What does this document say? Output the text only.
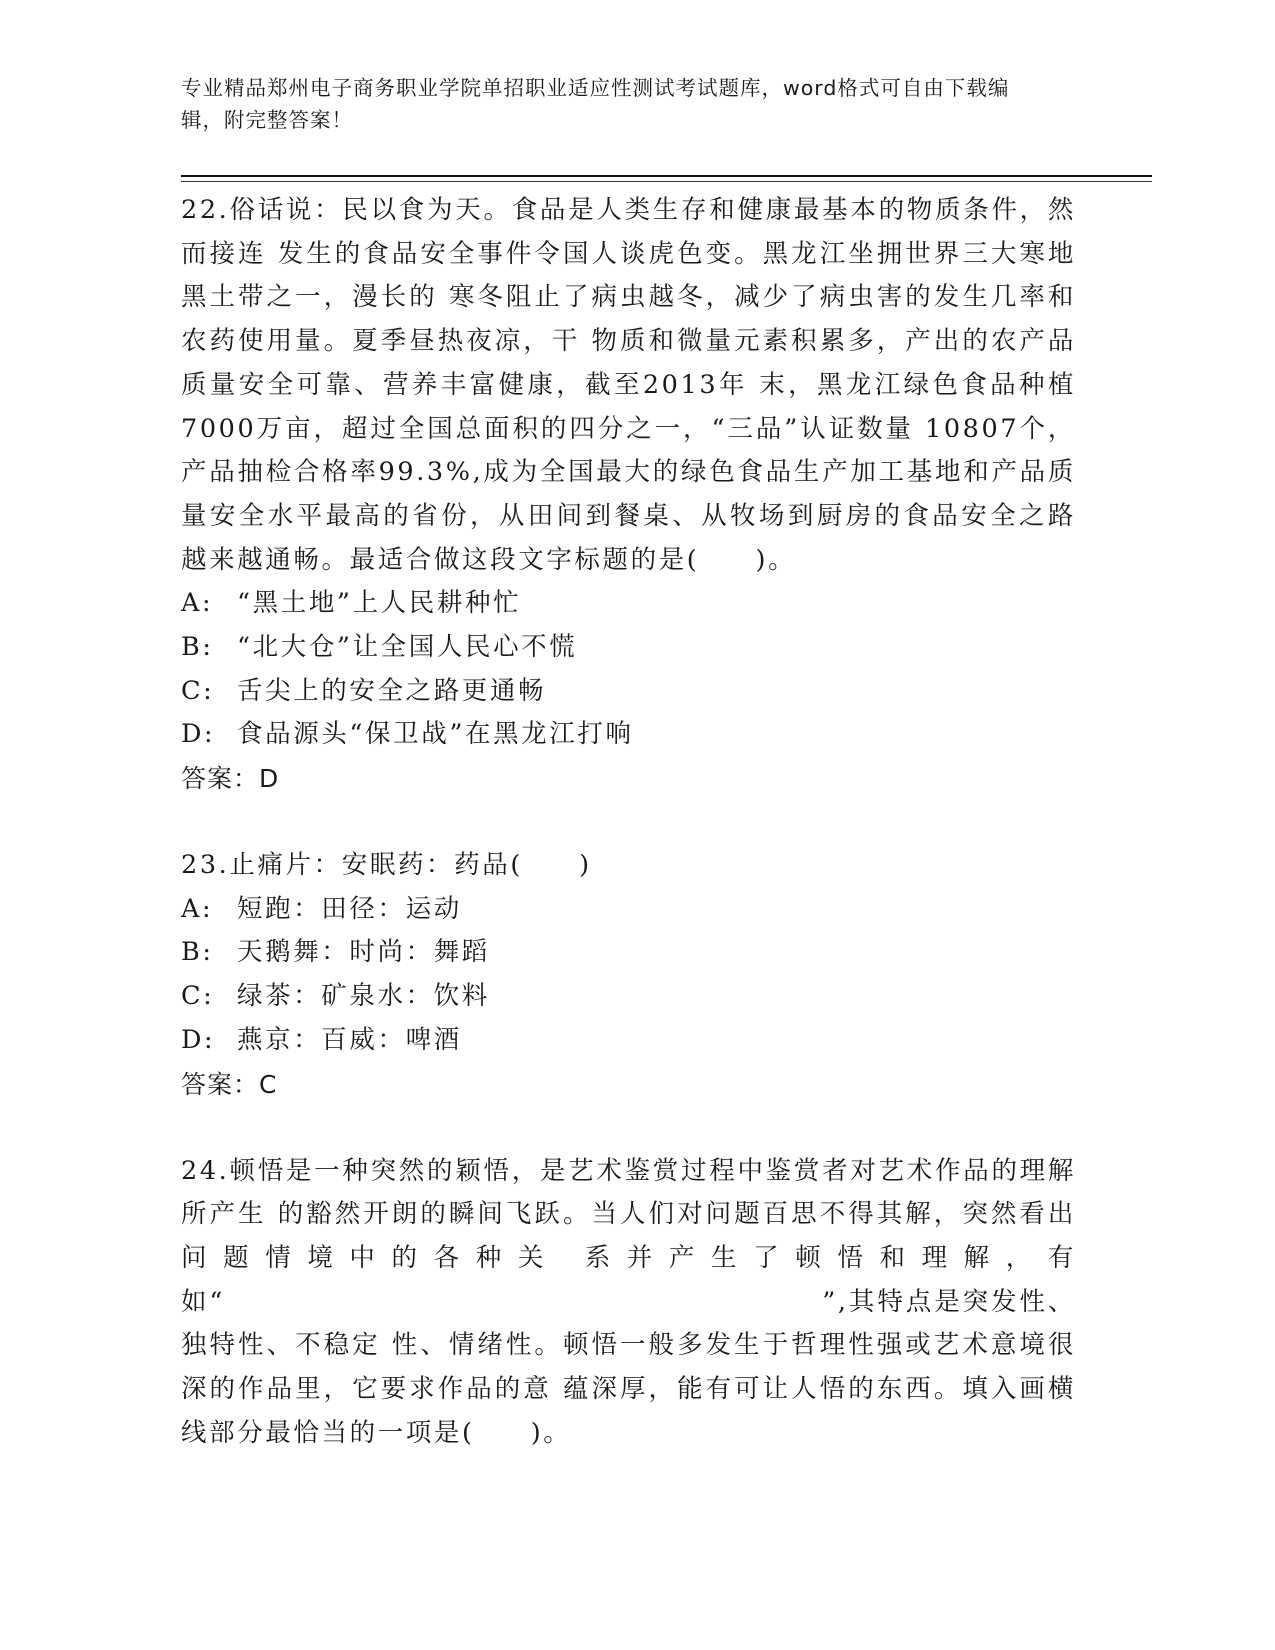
专业精品郑州电子商务职业学院单招职业适应性测试考试题库，word格式可自由下载编辑，附完整答案！

22.俗话说：民以食为天。食品是人类生存和健康最基本的物质条件，然而接连 发生的食品安全事件令国人谈虎色变。黑龙江坐拥世界三大寒地黑土带之一，漫长的 寒冬阻止了病虫越冬，减少了病虫害的发生几率和农药使用量。夏季昼热夜凉，干 物质和微量元素积累多，产出的农产品质量安全可靠、营养丰富健康，截至2013年 末，黑龙江绿色食品种植7000万亩，超过全国总面积的四分之一，“三品”认证数量 10807个，产品抽检合格率99.3%,成为全国最大的绿色食品生产加工基地和产品质量安全水平最高的省份，从田间到餐桌、从牧场到厨房的食品安全之路越来越通畅。最适合做这段文字标题的是(　　)。

A: “黑土地”上人民耕种忙
B: “北大仓”让全国人民心不慌
C: 舌尖上的安全之路更通畅
D: 食品源头“保卫战”在黑龙江打响
答案：D

23.止痛片：安眠药：药品(　　)

A: 短跑：田径：运动
B: 天鹅舞：时尚：舞蹈
C: 绿茶：矿泉水：饮料
D: 燕京：百威：啤酒
答案：C

24.顿悟是一种突然的颖悟，是艺术鉴赏过程中鉴赏者对艺术作品的理解所产生 的豁然开朗的瞬间飞跃。当人们对问题百思不得其解，突然看出问题情境中的各种关 系并产生了顿悟和理解，有如“　　　　　　　　　　　　　　　　　　　　　”,其特点是突发性、独特性、不稳定 性、情绪性。顿悟一般多发生于哲理性强或艺术意境很深的作品里，它要求作品的意 蕴深厚，能有可让人悟的东西。填入画横线部分最恰当的一项是(　　)。
